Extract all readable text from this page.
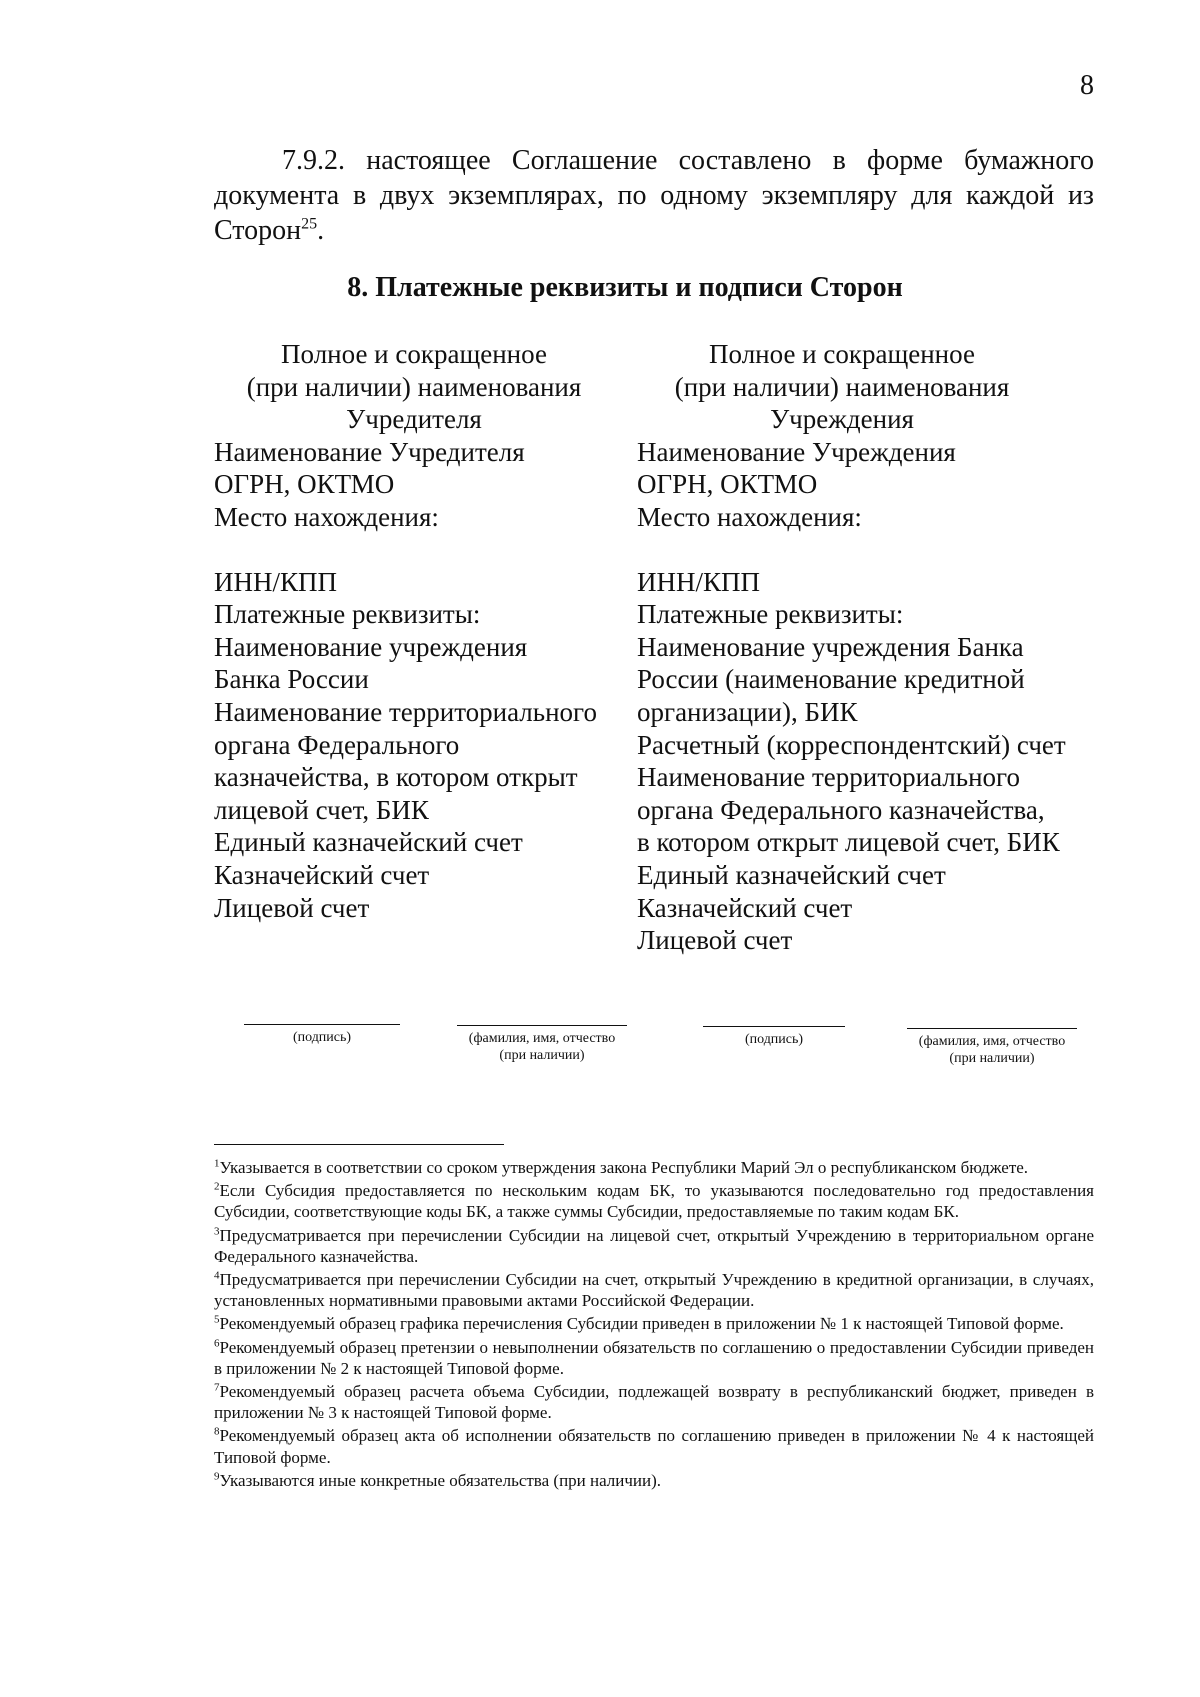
8
7.9.2. настоящее Соглашение составлено в форме бумажного документа в двух экземплярах, по одному экземпляру для каждой из Сторон$^{25}$.
8. Платежные реквизиты и подписи Сторон
Полное и сокращенное
(при наличии) наименования
Учредителя
Наименование Учредителя
ОГРН, ОКТМО
Место нахождения:
ИНН/КПП
Платежные реквизиты:
Наименование учреждения
Банка России
Наименование территориального
органа Федерального
казначейства, в котором открыт
лицевой счет, БИК
Единый казначейский счет
Казначейский счет
Лицевой счет
Полное и сокращенное
(при наличии) наименования
Учреждения
Наименование Учреждения
ОГРН, ОКТМО
Место нахождения:
ИНН/КПП
Платежные реквизиты:
Наименование учреждения Банка
России (наименование кредитной
организации), БИК
Расчетный (корреспондентский) счет
Наименование территориального
органа Федерального казначейства,
в котором открыт лицевой счет, БИК
Единый казначейский счет
Казначейский счет
Лицевой счет
(подпись)	(фамилия, имя, отчество
(при наличии)
(подпись)	(фамилия, имя, отчество
(при наличии)
$^1$Указывается в соответствии со сроком утверждения закона Республики Марий Эл о республиканском бюджете.
$^2$Если Субсидия предоставляется по нескольким кодам БК, то указываются последовательно год предоставления Субсидии, соответствующие коды БК, а также суммы Субсидии, предоставляемые по таким кодам БК.
$^3$Предусматривается при перечислении Субсидии на лицевой счет, открытый Учреждению в территориальном органе Федерального казначейства.
$^4$Предусматривается при перечислении Субсидии на счет, открытый Учреждению в кредитной организации, в случаях, установленных нормативными правовыми актами Российской Федерации.
$^5$Рекомендуемый образец графика перечисления Субсидии приведен в приложении № 1 к настоящей Типовой форме.
$^6$Рекомендуемый образец претензии о невыполнении обязательств по соглашению о предоставлении Субсидии приведен в приложении № 2 к настоящей Типовой форме.
$^7$Рекомендуемый образец расчета объема Субсидии, подлежащей возврату в республиканский бюджет, приведен в приложении № 3 к настоящей Типовой форме.
$^8$Рекомендуемый образец акта об исполнении обязательств по соглашению приведен в приложении № 4 к настоящей Типовой форме.
$^9$Указываются иные конкретные обязательства (при наличии).
